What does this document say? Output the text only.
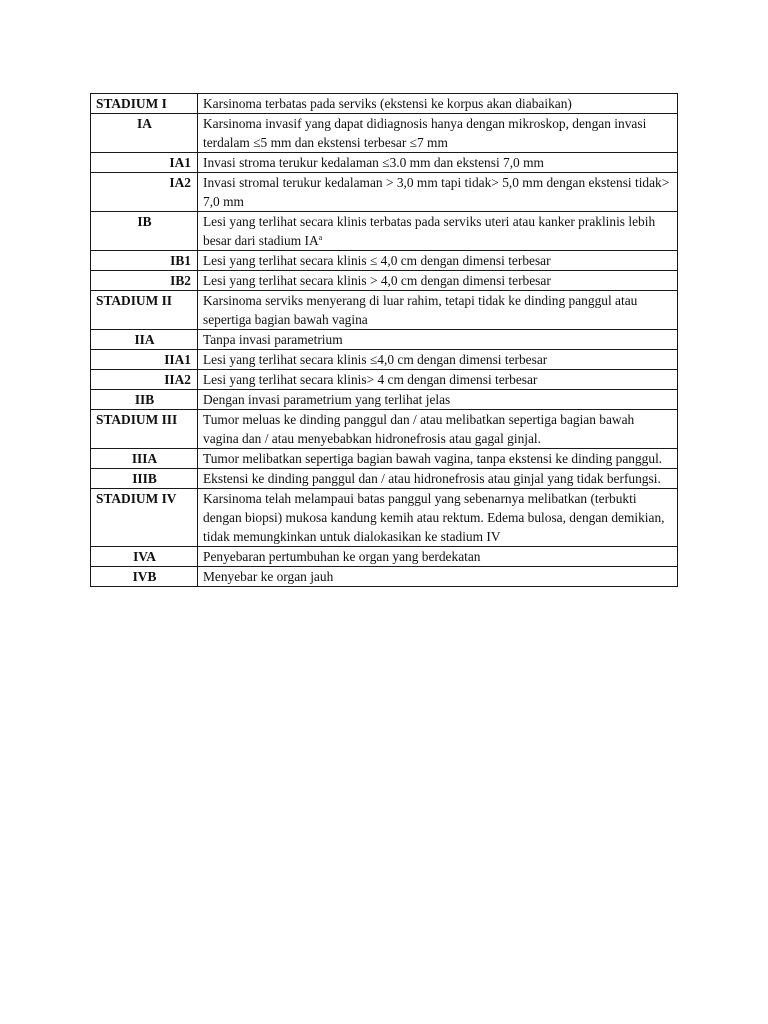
STADIUM I	Karsinoma terbatas pada serviks (ekstensi ke korpus akan diabaikan)
IA	Karsinoma invasif yang dapat didiagnosis hanya dengan mikroskop, dengan invasi terdalam ≤5 mm dan ekstensi terbesar ≤7 mm
IA1	Invasi stroma terukur kedalaman ≤3.0 mm dan ekstensi 7,0 mm
IA2	Invasi stromal terukur kedalaman > 3,0 mm tapi tidak> 5,0 mm dengan ekstensi tidak> 7,0 mm
IB	Lesi yang terlihat secara klinis terbatas pada serviks uteri atau kanker praklinis lebih besar dari stadium $IA^a$
IB1	Lesi yang terlihat secara klinis ≤ 4,0 cm dengan dimensi terbesar
IB2	Lesi yang terlihat secara klinis > 4,0 cm dengan dimensi terbesar
STADIUM II	Karsinoma serviks menyerang di luar rahim, tetapi tidak ke dinding panggul atau sepertiga bagian bawah vagina
IIA	Tanpa invasi parametrium
IIA1	Lesi yang terlihat secara klinis ≤4,0 cm dengan dimensi terbesar
IIA2	Lesi yang terlihat secara klinis> 4 cm dengan dimensi terbesar
IIB	Dengan invasi parametrium yang terlihat jelas
STADIUM III	Tumor meluas ke dinding panggul dan / atau melibatkan sepertiga bagian bawah vagina dan / atau menyebabkan hidronefrosis atau gagal ginjal.
IIIA	Tumor melibatkan sepertiga bagian bawah vagina, tanpa ekstensi ke dinding panggul.
IIIB	Ekstensi ke dinding panggul dan / atau hidronefrosis atau ginjal yang tidak berfungsi.
STADIUM IV	Karsinoma telah melampaui batas panggul yang sebenarnya melibatkan (terbukti dengan biopsi) mukosa kandung kemih atau rektum. Edema bulosa, dengan demikian, tidak memungkinkan untuk dialokasikan ke stadium IV
IVA	Penyebaran pertumbuhan ke organ yang berdekatan
IVB	Menyebar ke organ jauh
